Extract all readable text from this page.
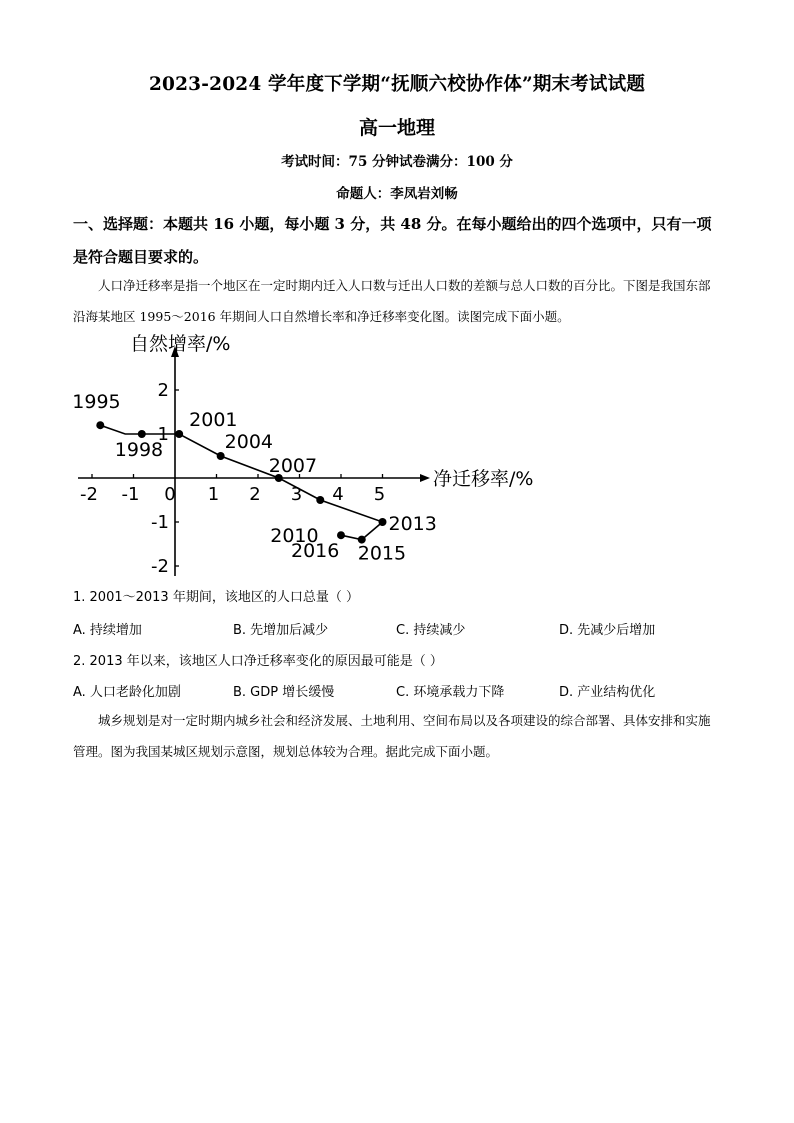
2023-2024 学年度下学期“抚顺六校协作体”期末考试试题
高一地理
考试时间：75 分钟试卷满分：100 分
命题人：李凤岩刘畅
一、选择题：本题共 16 小题，每小题 3 分，共 48 分。在每小题给出的四个选项中，只有一项是符合题目要求的。
人口净迁移率是指一个地区在一定时期内迁入人口数与迁出人口数的差额与总人口数的百分比。下图是我国东部沿海某地区 1995～2016 年期间人口自然增长率和净迁移率变化图。读图完成下面小题。
自然增率/%
净迁移率/%
-2 -1 0 1 2 3 4 5
2
1
-1
-2
1995
1998
2001
2004
2007
2010
2013
2015
2016
1. 2001～2013 年期间，该地区的人口总量（ ）
A. 持续增加	B. 先增加后减少	C. 持续减少	D. 先减少后增加
2. 2013 年以来，该地区人口净迁移率变化的原因最可能是（ ）
A. 人口老龄化加剧	B. GDP 增长缓慢	C. 环境承载力下降	D. 产业结构优化
城乡规划是对一定时期内城乡社会和经济发展、土地利用、空间布局以及各项建设的综合部署、具体安排和实施管理。图为我国某城区规划示意图，规划总体较为合理。据此完成下面小题。
